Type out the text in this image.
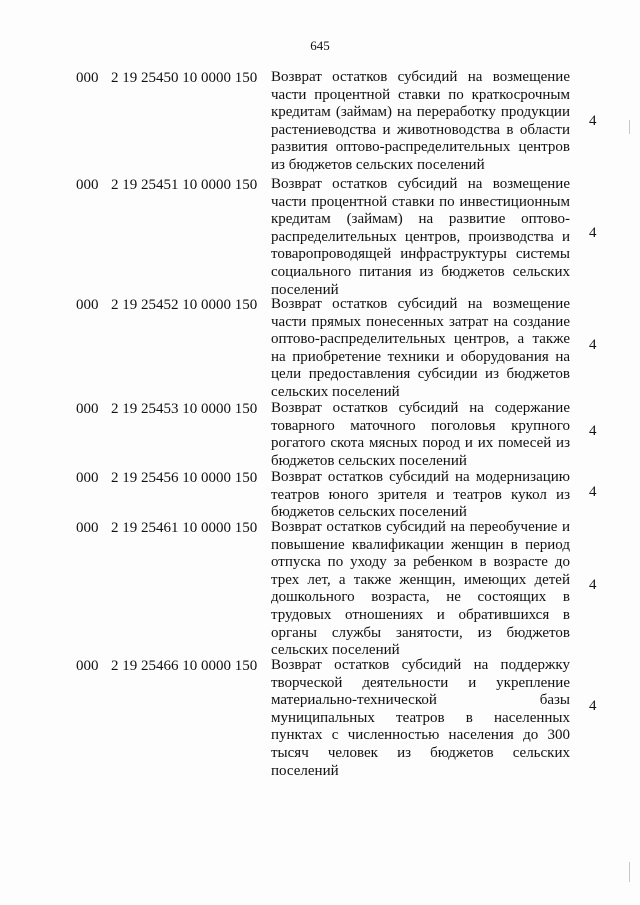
645
000 2 19 25450 10 0000 150 Возврат остатков субсидий на возмещение части процентной ставки по краткосрочным кредитам (займам) на переработку продукции растениеводства и животноводства в области развития оптово-распределительных центров из бюджетов сельских поселений
4
000 2 19 25451 10 0000 150 Возврат остатков субсидий на возмещение части процентной ставки по инвестиционным кредитам (займам) на развитие оптово-распределительных центров, производства и товаропроводящей инфраструктуры системы социального питания из бюджетов сельских поселений
4
000 2 19 25452 10 0000 150 Возврат остатков субсидий на возмещение части прямых понесенных затрат на создание оптово-распределительных центров, а также на приобретение техники и оборудования на цели предоставления субсидии из бюджетов сельских поселений
4
000 2 19 25453 10 0000 150 Возврат остатков субсидий на содержание товарного маточного поголовья крупного рогатого скота мясных пород и их помесей из бюджетов сельских поселений
4
000 2 19 25456 10 0000 150 Возврат остатков субсидий на модернизацию театров юного зрителя и театров кукол из бюджетов сельских поселений
4
000 2 19 25461 10 0000 150 Возврат остатков субсидий на переобучение и повышение квалификации женщин в период отпуска по уходу за ребенком в возрасте до трех лет, а также женщин, имеющих детей дошкольного возраста, не состоящих в трудовых отношениях и обратившихся в органы службы занятости, из бюджетов сельских поселений
4
000 2 19 25466 10 0000 150 Возврат остатков субсидий на поддержку творческой деятельности и укрепление материально-технической базы муниципальных театров в населенных пунктах с численностью населения до 300 тысяч человек из бюджетов сельских поселений
4
